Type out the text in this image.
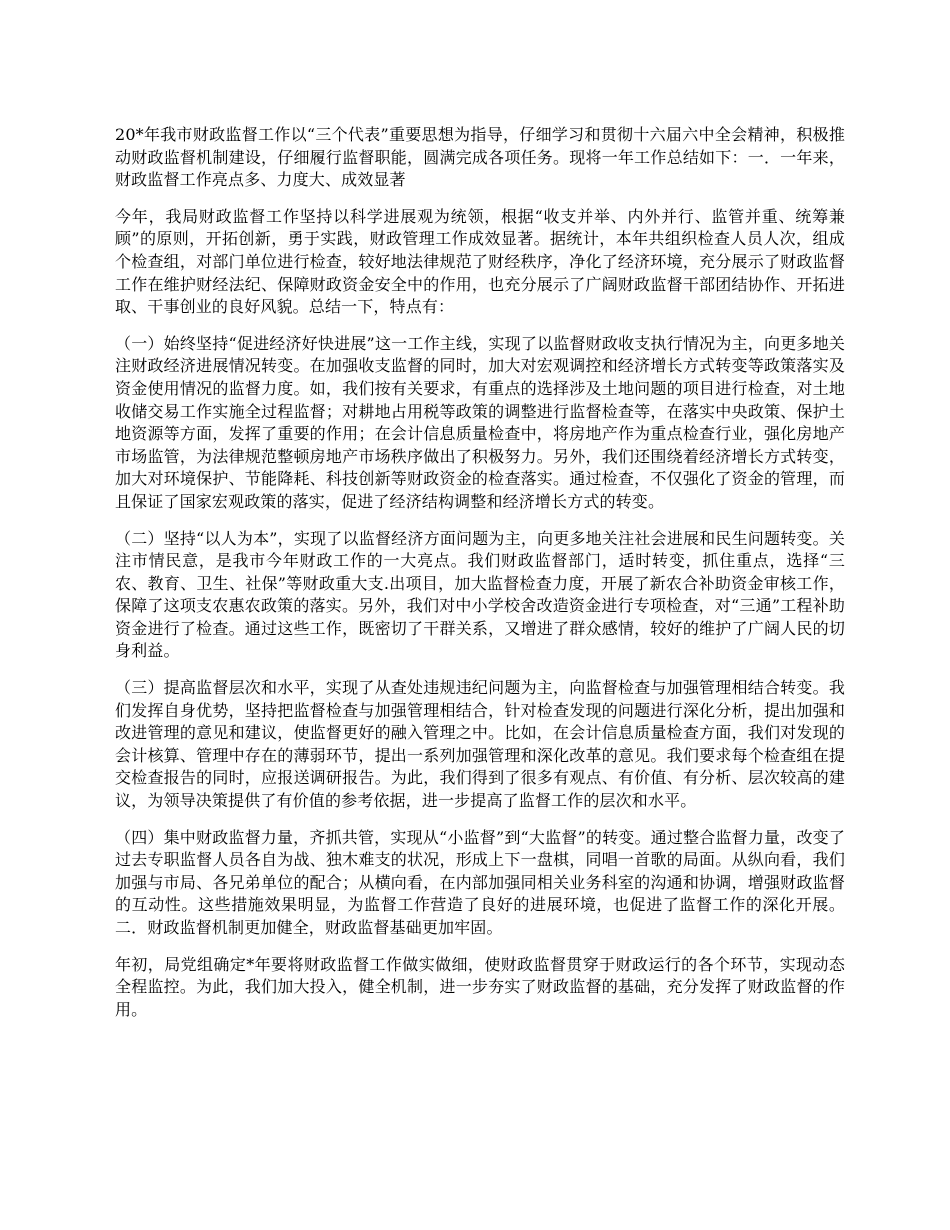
20*年我市财政监督工作以“三个代表”重要思想为指导，仔细学习和贯彻十六届六中全会精神，积极推动财政监督机制建设，仔细履行监督职能，圆满完成各项任务。现将一年工作总结如下：一．一年来，财政监督工作亮点多、力度大、成效显著

今年，我局财政监督工作坚持以科学进展观为统领，根据“收支并举、内外并行、监管并重、统筹兼顾”的原则，开拓创新，勇于实践，财政管理工作成效显著。据统计，本年共组织检查人员人次，组成个检查组，对部门单位进行检查，较好地法律规范了财经秩序，净化了经济环境，充分展示了财政监督工作在维护财经法纪、保障财政资金安全中的作用，也充分展示了广阔财政监督干部团结协作、开拓进取、干事创业的良好风貌。总结一下，特点有：

（一）始终坚持“促进经济好快进展”这一工作主线，实现了以监督财政收支执行情况为主，向更多地关注财政经济进展情况转变。在加强收支监督的同时，加大对宏观调控和经济增长方式转变等政策落实及资金使用情况的监督力度。如，我们按有关要求，有重点的选择涉及土地问题的项目进行检查，对土地收储交易工作实施全过程监督；对耕地占用税等政策的调整进行监督检查等，在落实中央政策、保护土地资源等方面，发挥了重要的作用；在会计信息质量检查中，将房地产作为重点检查行业，强化房地产市场监管，为法律规范整顿房地产市场秩序做出了积极努力。另外，我们还围绕着经济增长方式转变，加大对环境保护、节能降耗、科技创新等财政资金的检查落实。通过检查，不仅强化了资金的管理，而且保证了国家宏观政策的落实，促进了经济结构调整和经济增长方式的转变。

（二）坚持“以人为本”，实现了以监督经济方面问题为主，向更多地关注社会进展和民生问题转变。关注市情民意，是我市今年财政工作的一大亮点。我们财政监督部门，适时转变，抓住重点，选择“三农、教育、卫生、社保”等财政重大支.出项目，加大监督检查力度，开展了新农合补助资金审核工作，保障了这项支农惠农政策的落实。另外，我们对中小学校舍改造资金进行专项检查，对“三通”工程补助资金进行了检查。通过这些工作，既密切了干群关系，又增进了群众感情，较好的维护了广阔人民的切身利益。

（三）提高监督层次和水平，实现了从查处违规违纪问题为主，向监督检查与加强管理相结合转变。我们发挥自身优势，坚持把监督检查与加强管理相结合，针对检查发现的问题进行深化分析，提出加强和改进管理的意见和建议，使监督更好的融入管理之中。比如，在会计信息质量检查方面，我们对发现的会计核算、管理中存在的薄弱环节，提出一系列加强管理和深化改革的意见。我们要求每个检查组在提交检查报告的同时，应报送调研报告。为此，我们得到了很多有观点、有价值、有分析、层次较高的建议，为领导决策提供了有价值的参考依据，进一步提高了监督工作的层次和水平。

（四）集中财政监督力量，齐抓共管，实现从“小监督”到“大监督”的转变。通过整合监督力量，改变了过去专职监督人员各自为战、独木难支的状况，形成上下一盘棋，同唱一首歌的局面。从纵向看，我们加强与市局、各兄弟单位的配合；从横向看，在内部加强同相关业务科室的沟通和协调，增强财政监督的互动性。这些措施效果明显，为监督工作营造了良好的进展环境，也促进了监督工作的深化开展。二．财政监督机制更加健全，财政监督基础更加牢固。

年初，局党组确定*年要将财政监督工作做实做细，使财政监督贯穿于财政运行的各个环节，实现动态全程监控。为此，我们加大投入，健全机制，进一步夯实了财政监督的基础，充分发挥了财政监督的作用。
